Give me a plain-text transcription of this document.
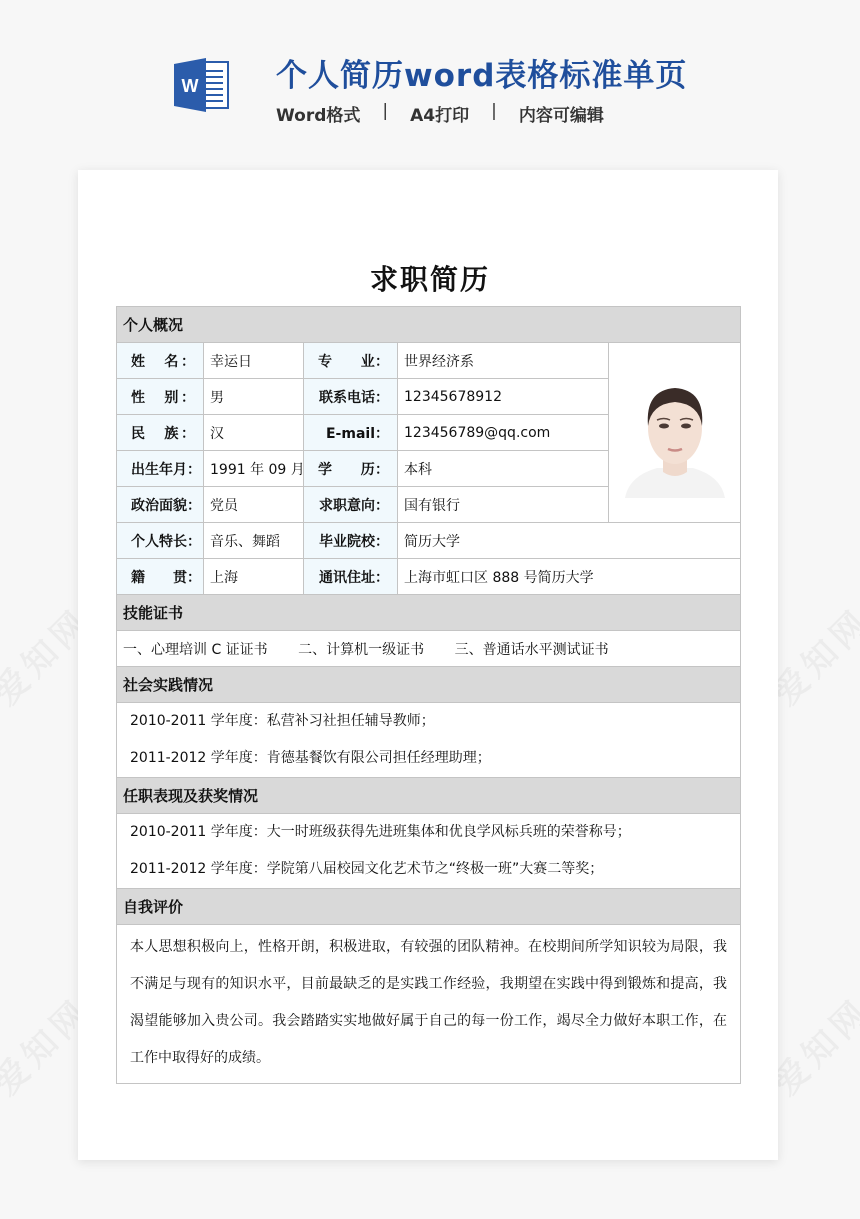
W	个人简历word表格标准单页
Word格式 | A4打印 | 内容可编辑
求职简历
个人概况				
姓　名：	幸运日	专　　业：	世界经济系	

性　别：	男	联系电话：	12345678912	
民　族：	汉	E-mail：	123456789@qq.com	
出生年月：	1991 年 09 月	学　　历：	本科	
政治面貌：	党员	求职意向：	国有银行	
个人特长：	音乐、舞蹈	毕业院校：	简历大学	
籍　　贯：	上海	通讯住址：	上海市虹口区 888 号简历大学	
技能证书				
一、心理培训 C 证证书 二、计算机一级证书 三、普通话水平测试证书				
社会实践情况				

2010-2011 学年度：私营补习社担任辅导教师；
2011-2012 学年度：肯德基餐饮有限公司担任经理助理；				

任职表现及获奖情况				

2010-2011 学年度：大一时班级获得先进班集体和优良学风标兵班的荣誉称号；
2011-2012 学年度：学院第八届校园文化艺术节之“终极一班”大赛二等奖；				

自我评价				

本人思想积极向上，性格开朗，积极进取，有较强的团队精神。在校期间所学知识较为局限，我不满足与现有的知识水平，目前最缺乏的是实践工作经验，我期望在实践中得到锻炼和提高，我渴望能够加入贵公司。我会踏踏实实地做好属于自己的每一份工作，竭尽全力做好本职工作，在工作中取得好的成绩。				
